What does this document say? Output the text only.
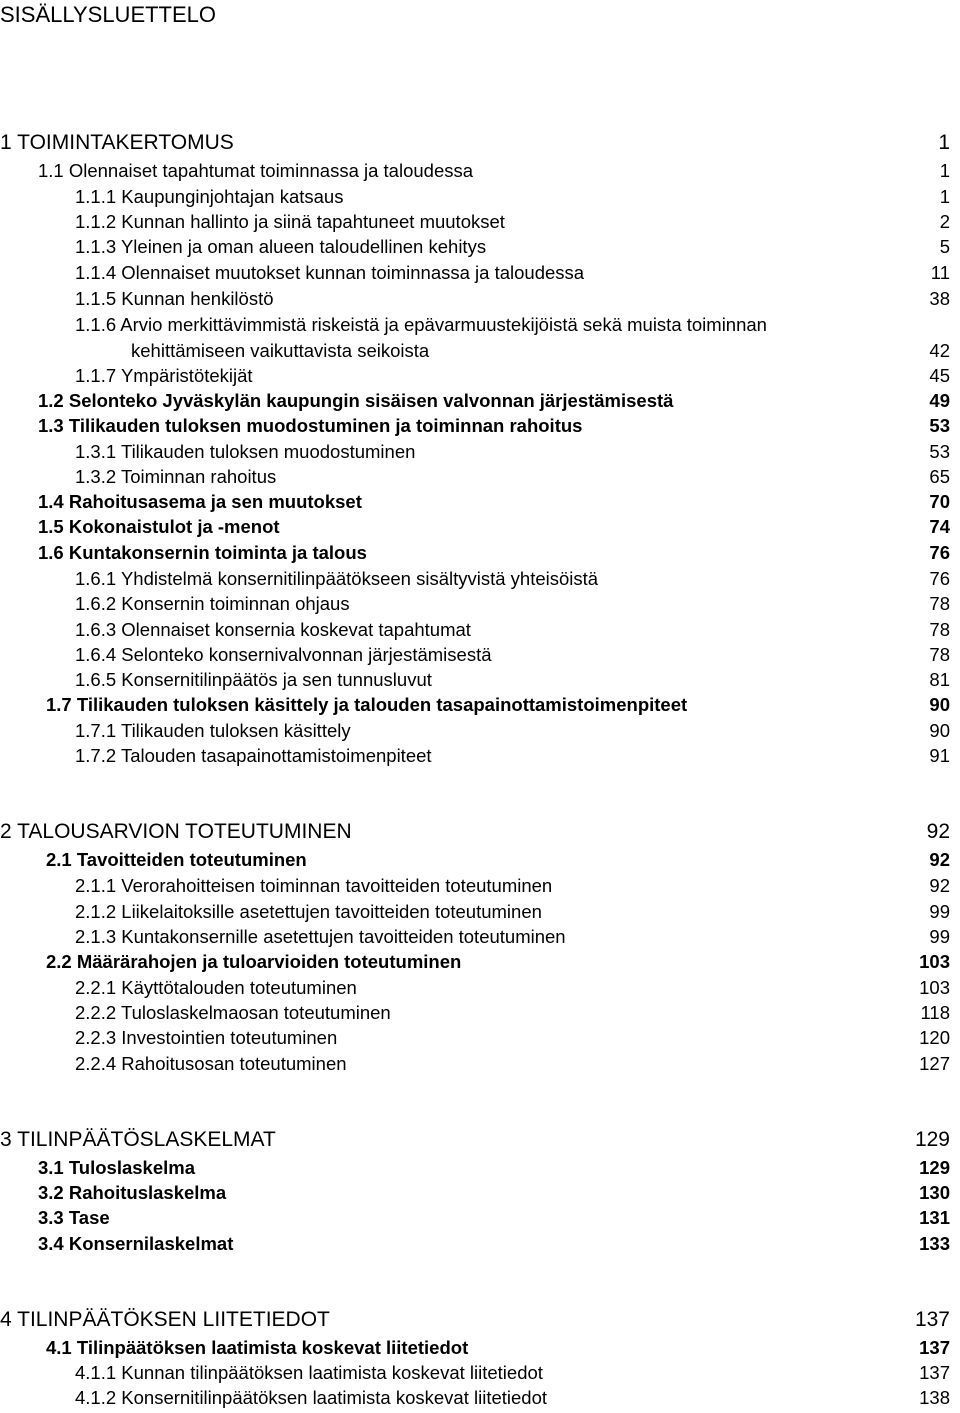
SISÄLLYSLUETTELO
1 TOIMINTAKERTOMUS	1
1.1 Olennaiset tapahtumat toiminnassa ja taloudessa	1
1.1.1 Kaupunginjohtajan katsaus	1
1.1.2 Kunnan hallinto ja siinä tapahtuneet muutokset	2
1.1.3 Yleinen ja oman alueen taloudellinen kehitys	5
1.1.4 Olennaiset muutokset kunnan toiminnassa ja taloudessa	11
1.1.5 Kunnan henkilöstö	38
1.1.6 Arvio merkittävimmistä riskeistä ja epävarmuustekijöistä sekä muista toiminnan
kehittämiseen vaikuttavista seikoista	42
1.1.7 Ympäristötekijät	45
1.2 Selonteko Jyväskylän kaupungin sisäisen valvonnan järjestämisestä	49
1.3 Tilikauden tuloksen muodostuminen ja toiminnan rahoitus	53
1.3.1 Tilikauden tuloksen muodostuminen	53
1.3.2 Toiminnan rahoitus	65
1.4 Rahoitusasema ja sen muutokset	70
1.5 Kokonaistulot ja -menot	74
1.6 Kuntakonsernin toiminta ja talous	76
1.6.1 Yhdistelmä konsernitilinpäätökseen sisältyvistä yhteisöistä	76
1.6.2 Konsernin toiminnan ohjaus	78
1.6.3 Olennaiset konsernia koskevat tapahtumat	78
1.6.4 Selonteko konsernivalvonnan järjestämisestä	78
1.6.5 Konsernitilinpäätös ja sen tunnusluvut	81
1.7 Tilikauden tuloksen käsittely ja talouden tasapainottamistoimenpiteet	90
1.7.1 Tilikauden tuloksen käsittely	90
1.7.2 Talouden tasapainottamistoimenpiteet	91
2 TALOUSARVION TOTEUTUMINEN	92
2.1 Tavoitteiden toteutuminen	92
2.1.1 Verorahoitteisen toiminnan tavoitteiden toteutuminen	92
2.1.2 Liikelaitoksille asetettujen tavoitteiden toteutuminen	99
2.1.3 Kuntakonsernille asetettujen tavoitteiden toteutuminen	99
2.2 Määrärahojen ja tuloarvioiden toteutuminen	103
2.2.1 Käyttötalouden toteutuminen	103
2.2.2 Tuloslaskelmaosan toteutuminen	118
2.2.3 Investointien toteutuminen	120
2.2.4 Rahoitusosan toteutuminen	127
3 TILINPÄÄTÖSLASKELMAT	129
3.1 Tuloslaskelma	129
3.2 Rahoituslaskelma	130
3.3 Tase	131
3.4 Konsernilaskelmat	133
4 TILINPÄÄTÖKSEN LIITETIEDOT	137
4.1 Tilinpäätöksen laatimista koskevat liitetiedot	137
4.1.1 Kunnan tilinpäätöksen laatimista koskevat liitetiedot	137
4.1.2 Konsernitilinpäätöksen laatimista koskevat liitetiedot	138
